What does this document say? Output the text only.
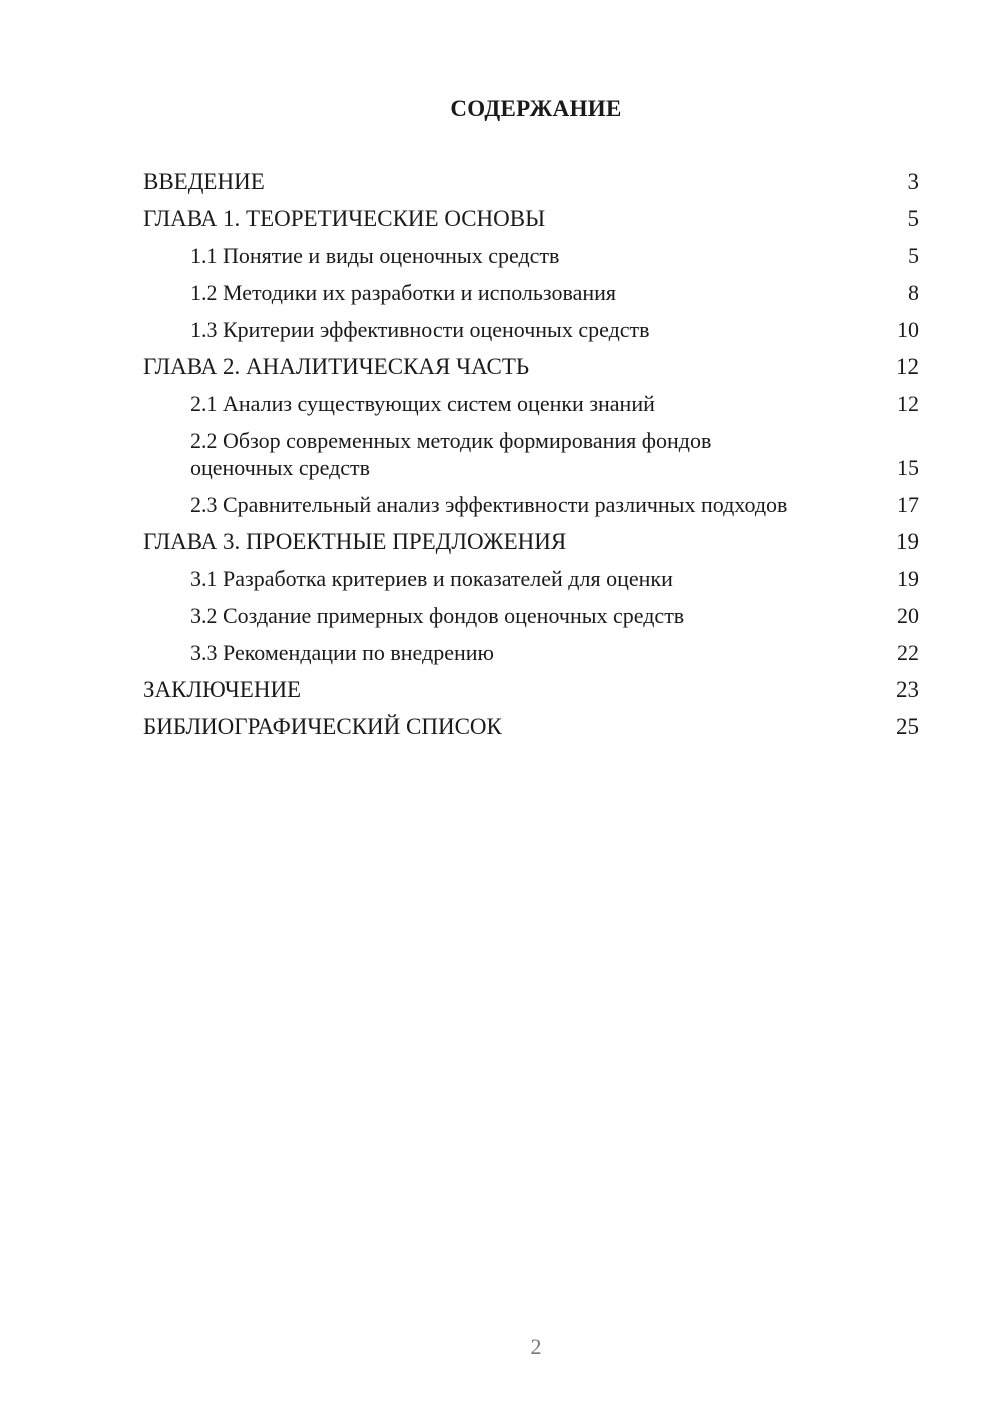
СОДЕРЖАНИЕ
ВВЕДЕНИЕ	3
ГЛАВА 1. ТЕОРЕТИЧЕСКИЕ ОСНОВЫ	5
1.1 Понятие и виды оценочных средств	5
1.2 Методики их разработки и использования	8
1.3 Критерии эффективности оценочных средств	10
ГЛАВА 2. АНАЛИТИЧЕСКАЯ ЧАСТЬ	12
2.1 Анализ существующих систем оценки знаний	12
2.2 Обзор современных методик формирования фондов оценочных средств	15
2.3 Сравнительный анализ эффективности различных подходов	17
ГЛАВА 3. ПРОЕКТНЫЕ ПРЕДЛОЖЕНИЯ	19
3.1 Разработка критериев и показателей для оценки	19
3.2 Создание примерных фондов оценочных средств	20
3.3 Рекомендации по внедрению	22
ЗАКЛЮЧЕНИЕ	23
БИБЛИОГРАФИЧЕСКИЙ СПИСОК	25
2
